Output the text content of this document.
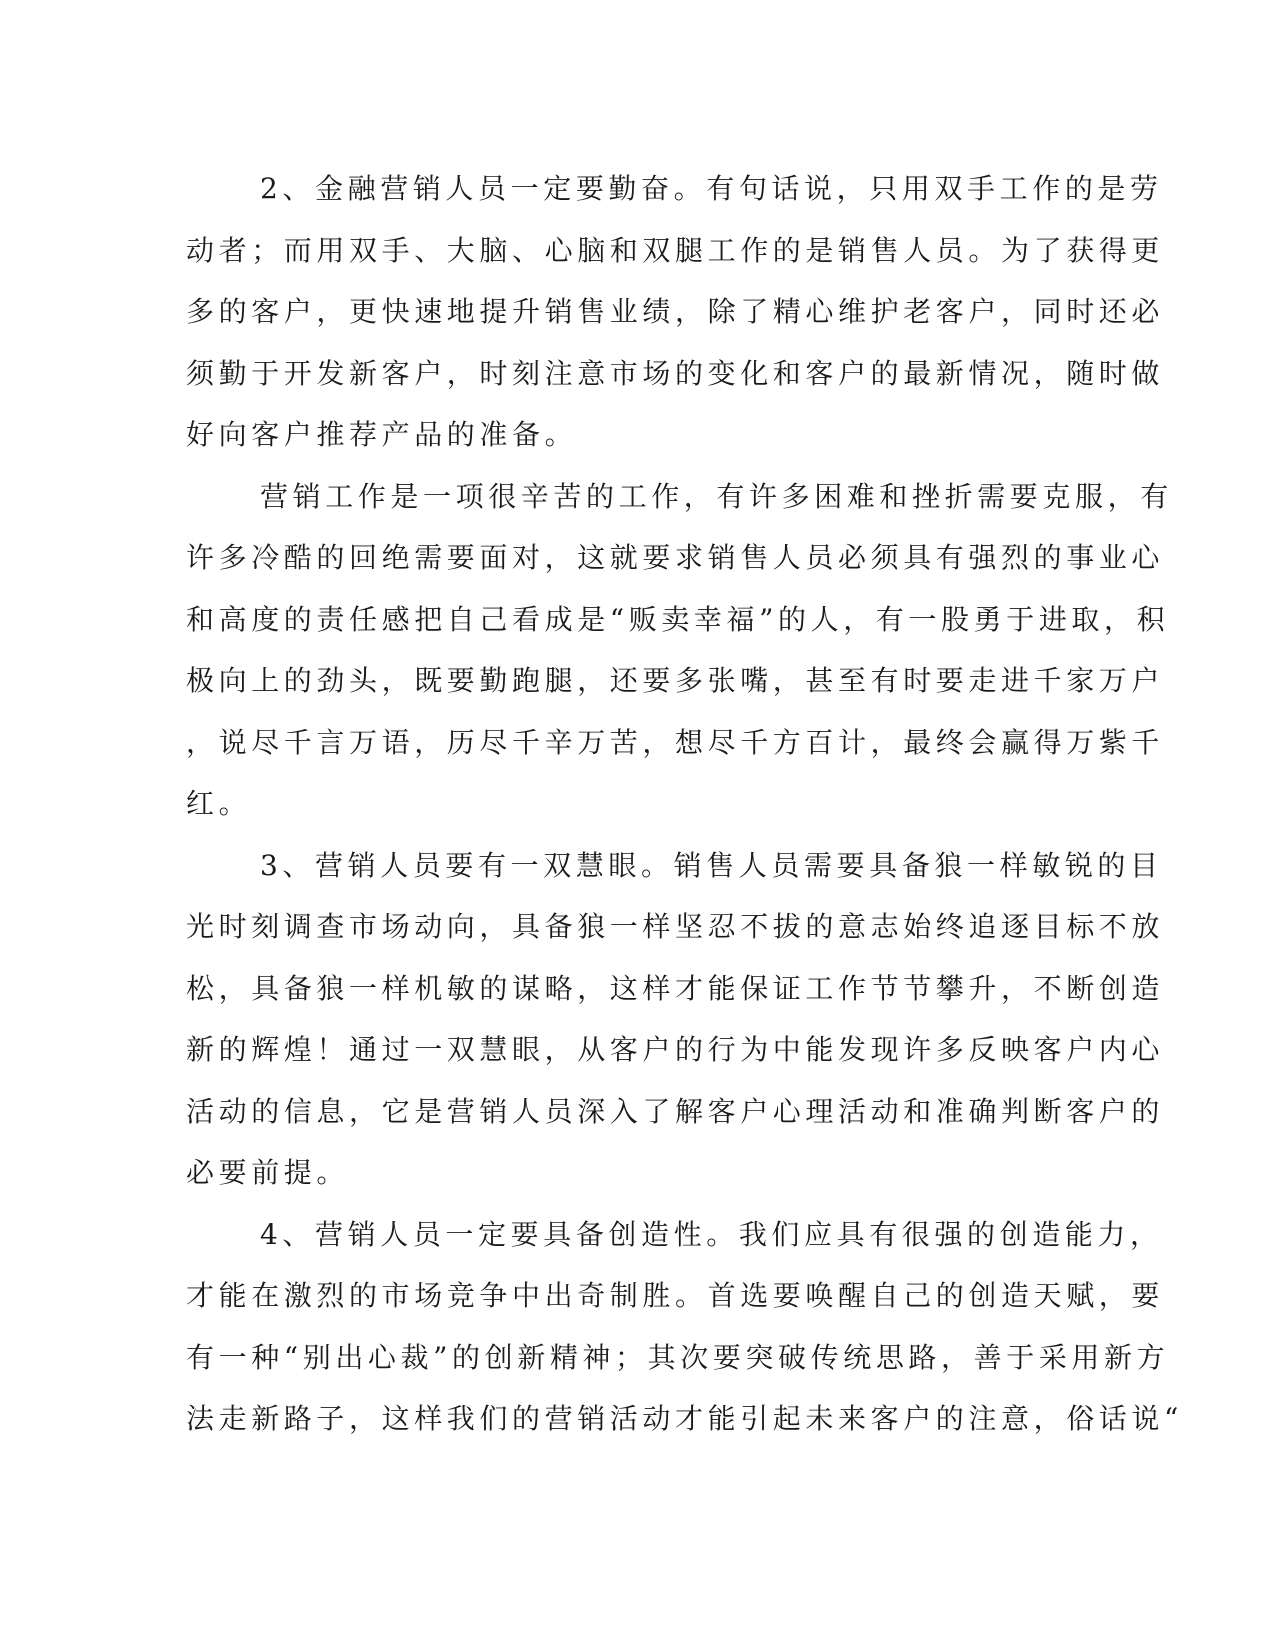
2、金融营销人员一定要勤奋。有句话说，只用双手工作的是劳
动者；而用双手、大脑、心脑和双腿工作的是销售人员。为了获得更
多的客户，更快速地提升销售业绩，除了精心维护老客户，同时还必
须勤于开发新客户，时刻注意市场的变化和客户的最新情况，随时做
好向客户推荐产品的准备。
营销工作是一项很辛苦的工作，有许多困难和挫折需要克服，有
许多冷酷的回绝需要面对，这就要求销售人员必须具有强烈的事业心
和高度的责任感把自己看成是“贩卖幸福”的人，有一股勇于进取，积
极向上的劲头，既要勤跑腿，还要多张嘴，甚至有时要走进千家万户
，说尽千言万语，历尽千辛万苦，想尽千方百计，最终会赢得万紫千
红。
3、营销人员要有一双慧眼。销售人员需要具备狼一样敏锐的目
光时刻调查市场动向，具备狼一样坚忍不拔的意志始终追逐目标不放
松，具备狼一样机敏的谋略，这样才能保证工作节节攀升，不断创造
新的辉煌！通过一双慧眼，从客户的行为中能发现许多反映客户内心
活动的信息，它是营销人员深入了解客户心理活动和准确判断客户的
必要前提。
4、营销人员一定要具备创造性。我们应具有很强的创造能力，
才能在激烈的市场竞争中出奇制胜。首选要唤醒自己的创造天赋，要
有一种“别出心裁”的创新精神；其次要突破传统思路，善于采用新方
法走新路子，这样我们的营销活动才能引起未来客户的注意，俗话说“
